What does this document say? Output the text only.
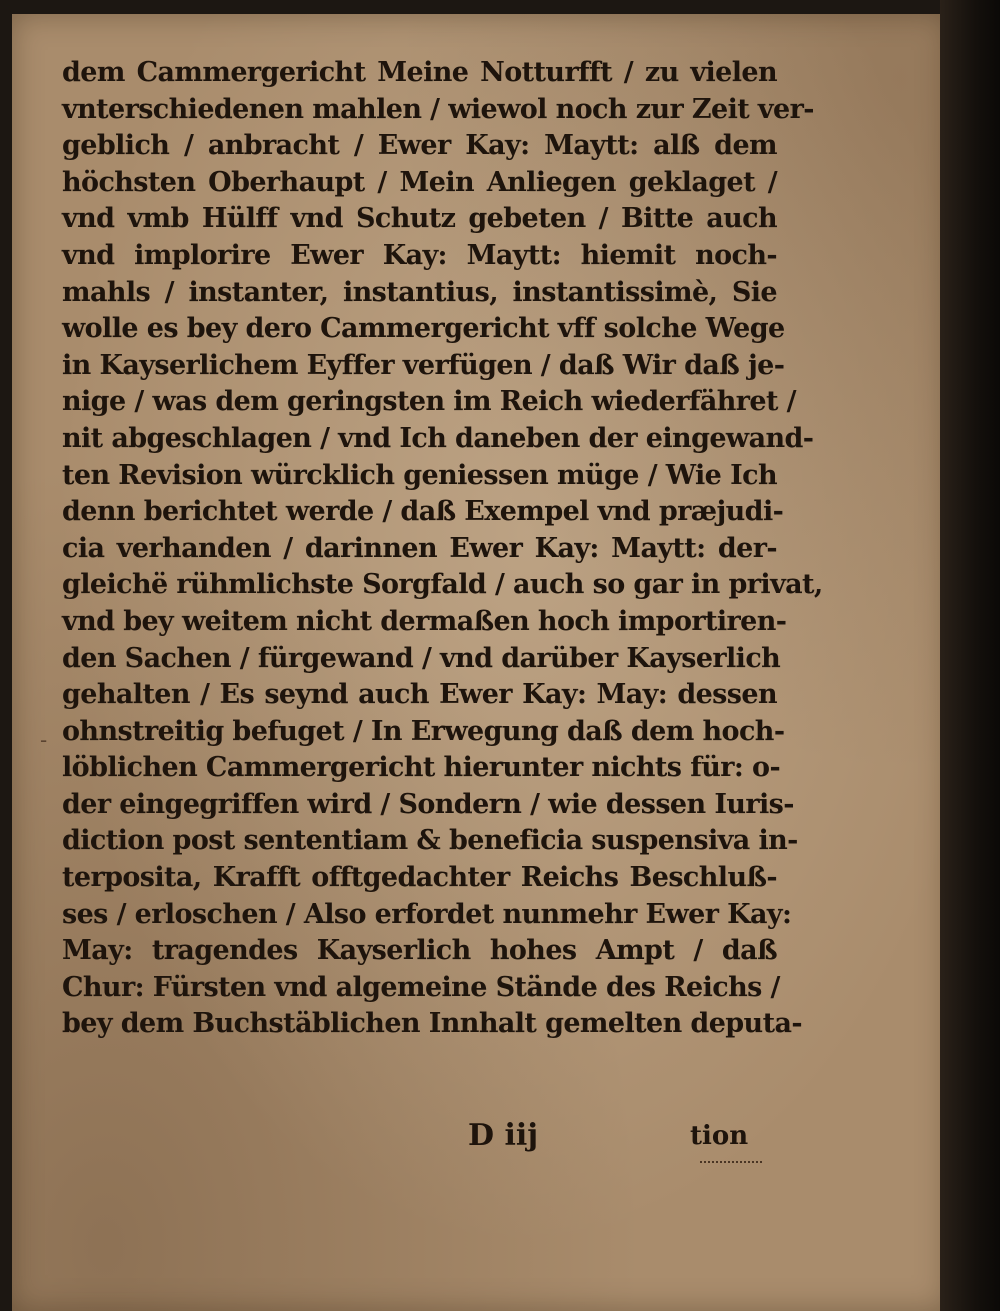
dem Cammergericht Meine Notturfft / zu vielen
vnterschiedenen mahlen / wiewol noch zur Zeit ver-
geblich / anbracht / Ewer Kay: Maytt: alß dem
höchsten Oberhaupt / Mein Anliegen geklaget /
vnd vmb Hülff vnd Schutz gebeten / Bitte auch
vnd implorire Ewer Kay: Maytt: hiemit noch-
mahls / instanter, instantius, instantissimè, Sie
wolle es bey dero Cammergericht vff solche Wege
in Kayserlichem Eyffer verfügen / daß Wir daß je-
nige / was dem geringsten im Reich wiederfähret /
nit abgeschlagen / vnd Ich daneben der eingewand-
ten Revision würcklich geniessen müge / Wie Ich
denn berichtet werde / daß Exempel vnd præjudi-
cia verhanden / darinnen Ewer Kay: Maytt: der-
gleichë rühmlichste Sorgfald / auch so gar in privat,
vnd bey weitem nicht dermaßen hoch importiren-
den Sachen / fürgewand / vnd darüber Kayserlich
gehalten / Es seynd auch Ewer Kay: May: dessen
ohnstreitig befuget / In Erwegung daß dem hoch-
löblichen Cammergericht hierunter nichts für: o-
der eingegriffen wird / Sondern / wie dessen Iuris-
diction post sententiam & beneficia suspensiva in-
terposita, Krafft offtgedachter Reichs Beschluß-
ses / erloschen / Also erfordet nunmehr Ewer Kay:
May: tragendes Kayserlich hohes Ampt / daß
Chur: Fürsten vnd algemeine Stände des Reichs /
bey dem Buchstäblichen Innhalt gemelten deputa-
-
D iij	tion
